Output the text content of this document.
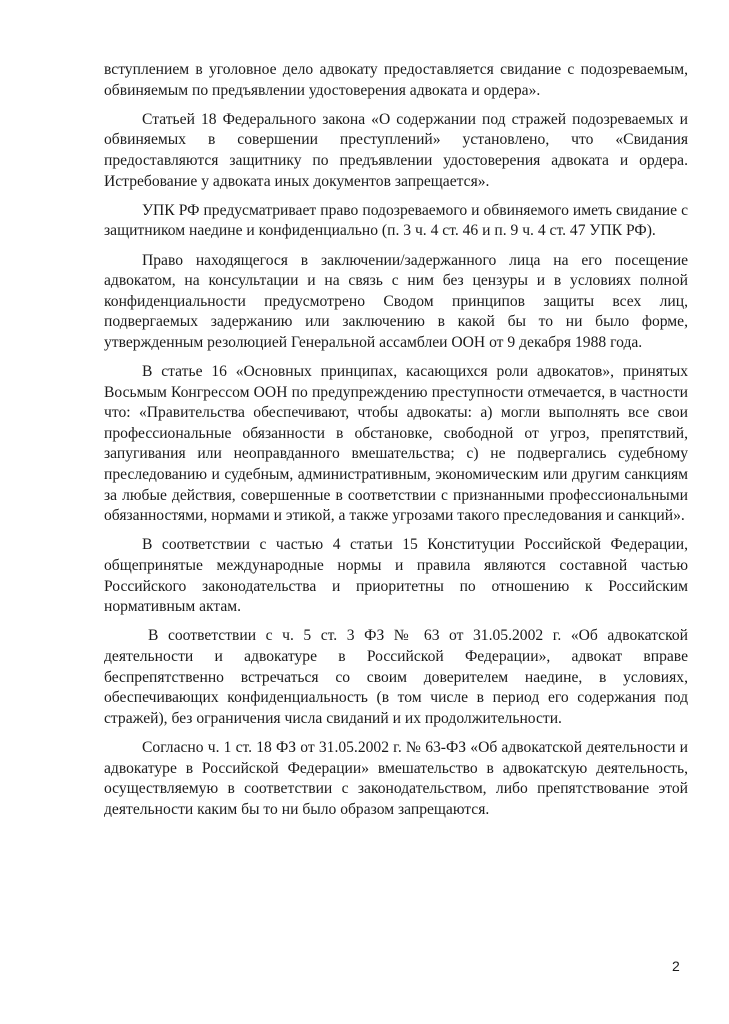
вступлением в уголовное дело адвокату предоставляется свидание с подозреваемым, обвиняемым по предъявлении удостоверения адвоката и ордера».

Статьей 18 Федерального закона «О содержании под стражей подозреваемых и обвиняемых в совершении преступлений» установлено, что «Свидания предоставляются защитнику по предъявлении удостоверения адвоката и ордера. Истребование у адвоката иных документов запрещается».

УПК РФ предусматривает право подозреваемого и обвиняемого иметь свидание с защитником наедине и конфиденциально (п. 3 ч. 4 ст. 46 и п. 9 ч. 4 ст. 47 УПК РФ).

Право находящегося в заключении/задержанного лица на его посещение адвокатом, на консультации и на связь с ним без цензуры и в условиях полной конфиденциальности предусмотрено Сводом принципов защиты всех лиц, подвергаемых задержанию или заключению в какой бы то ни было форме, утвержденным резолюцией Генеральной ассамблеи ООН от 9 декабря 1988 года.

В статье 16 «Основных принципах, касающихся роли адвокатов», принятых Восьмым Конгрессом ООН по предупреждению преступности отмечается, в частности что: «Правительства обеспечивают, чтобы адвокаты: а) могли выполнять все свои профессиональные обязанности в обстановке, свободной от угроз, препятствий, запугивания или неоправданного вмешательства; с) не подвергались судебному преследованию и судебным, административным, экономическим или другим санкциям за любые действия, совершенные в соответствии с признанными профессиональными обязанностями, нормами и этикой, а также угрозами такого преследования и санкций».

В соответствии с частью 4 статьи 15 Конституции Российской Федерации, общепринятые международные нормы и правила являются составной частью Российского законодательства и приоритетны по отношению к Российским нормативным актам.

В соответствии с ч. 5 ст. 3 ФЗ № 63 от 31.05.2002 г. «Об адвокатской деятельности и адвокатуре в Российской Федерации», адвокат вправе беспрепятственно встречаться со своим доверителем наедине, в условиях, обеспечивающих конфиденциальность (в том числе в период его содержания под стражей), без ограничения числа свиданий и их продолжительности.

Согласно ч. 1 ст. 18 ФЗ от 31.05.2002 г. № 63-ФЗ «Об адвокатской деятельности и адвокатуре в Российской Федерации» вмешательство в адвокатскую деятельность, осуществляемую в соответствии с законодательством, либо препятствование этой деятельности каким бы то ни было образом запрещаются.

2
